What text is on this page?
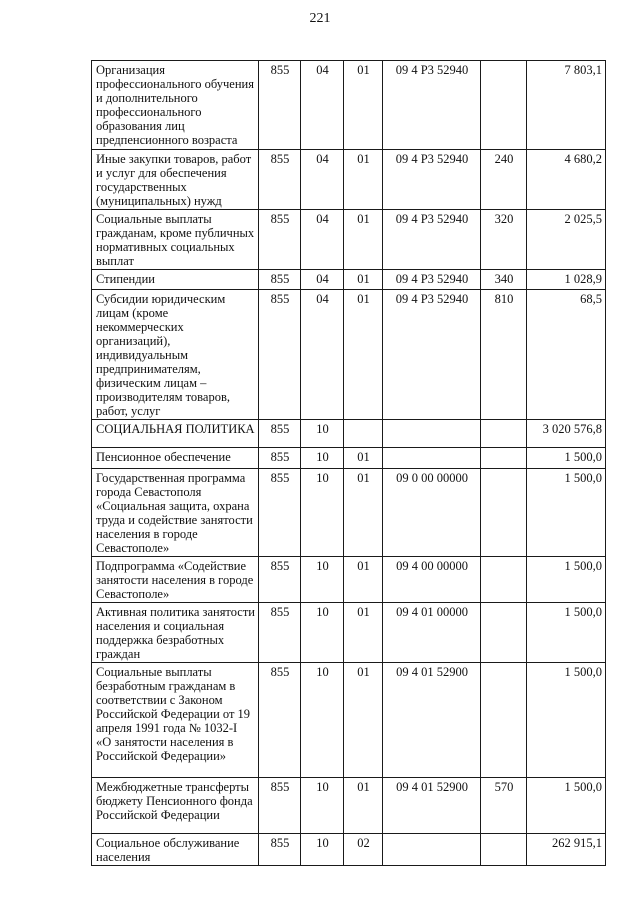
221
Организация профессионального обучения и дополнительного профессионального образования лиц предпенсионного возраста	855	04	01	09 4 Р3 52940		7 803,1
Иные закупки товаров, работ и услуг для обеспечения государственных (муниципальных) нужд	855	04	01	09 4 Р3 52940	240	4 680,2
Социальные выплаты гражданам, кроме публичных нормативных социальных выплат	855	04	01	09 4 Р3 52940	320	2 025,5
Стипендии	855	04	01	09 4 Р3 52940	340	1 028,9
Субсидии юридическим лицам (кроме некоммерческих организаций), индивидуальным предпринимателям, физическим лицам – производителям товаров, работ, услуг	855	04	01	09 4 Р3 52940	810	68,5
СОЦИАЛЬНАЯ ПОЛИТИКА	855	10				3 020 576,8
Пенсионное обеспечение	855	10	01			1 500,0
Государственная программа города Севастополя «Социальная защита, охрана труда и содействие занятости населения в городе Севастополе»	855	10	01	09 0 00 00000		1 500,0
Подпрограмма «Содействие занятости населения в городе Севастополе»	855	10	01	09 4 00 00000		1 500,0
Активная политика занятости населения и социальная поддержка безработных граждан	855	10	01	09 4 01 00000		1 500,0
Социальные выплаты безработным гражданам в соответствии с Законом Российской Федерации от 19 апреля 1991 года № 1032-I «О занятости населения в Российской Федерации»	855	10	01	09 4 01 52900		1 500,0
Межбюджетные трансферты бюджету Пенсионного фонда Российской Федерации	855	10	01	09 4 01 52900	570	1 500,0
Социальное обслуживание населения	855	10	02			262 915,1
